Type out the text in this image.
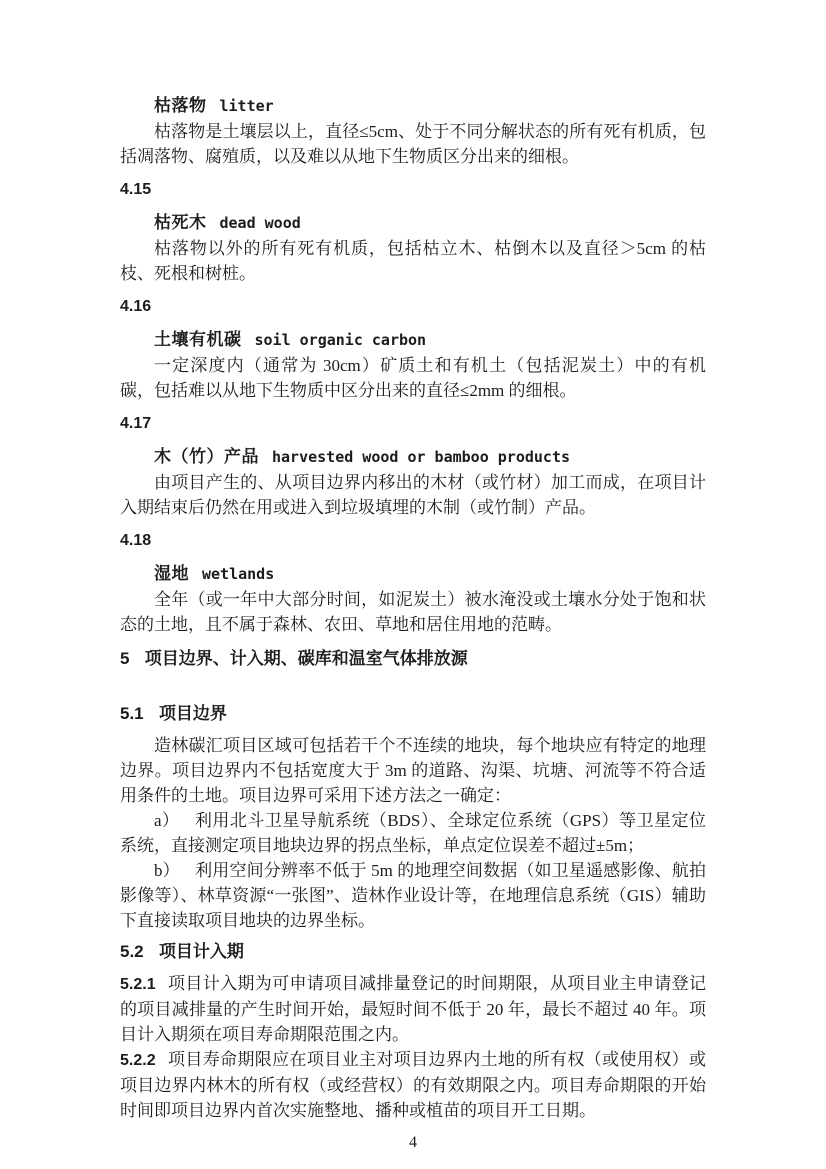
枯落物 litter

枯落物是土壤层以上，直径≤5cm、处于不同分解状态的所有死有机质，包括凋落物、腐殖质，以及难以从地下生物质区分出来的细根。

4.15

枯死木 dead wood

枯落物以外的所有死有机质，包括枯立木、枯倒木以及直径＞5cm 的枯枝、死根和树桩。

4.16

土壤有机碳 soil organic carbon

一定深度内（通常为 30cm）矿质土和有机土（包括泥炭土）中的有机碳，包括难以从地下生物质中区分出来的直径≤2mm 的细根。

4.17

木（竹）产品 harvested wood or bamboo products

由项目产生的、从项目边界内移出的木材（或竹材）加工而成，在项目计入期结束后仍然在用或进入到垃圾填埋的木制（或竹制）产品。

4.18

湿地 wetlands

全年（或一年中大部分时间，如泥炭土）被水淹没或土壤水分处于饱和状态的土地，且不属于森林、农田、草地和居住用地的范畴。

5 项目边界、计入期、碳库和温室气体排放源

5.1 项目边界

造林碳汇项目区域可包括若干个不连续的地块，每个地块应有特定的地理边界。项目边界内不包括宽度大于 3m 的道路、沟渠、坑塘、河流等不符合适用条件的土地。项目边界可采用下述方法之一确定：

a） 利用北斗卫星导航系统（BDS）、全球定位系统（GPS）等卫星定位系统，直接测定项目地块边界的拐点坐标，单点定位误差不超过±5m；

b） 利用空间分辨率不低于 5m 的地理空间数据（如卫星遥感影像、航拍影像等）、林草资源“一张图”、造林作业设计等，在地理信息系统（GIS）辅助下直接读取项目地块的边界坐标。

5.2 项目计入期

5.2.1 项目计入期为可申请项目减排量登记的时间期限，从项目业主申请登记的项目减排量的产生时间开始，最短时间不低于 20 年，最长不超过 40 年。项目计入期须在项目寿命期限范围之内。

5.2.2 项目寿命期限应在项目业主对项目边界内土地的所有权（或使用权）或项目边界内林木的所有权（或经营权）的有效期限之内。项目寿命期限的开始时间即项目边界内首次实施整地、播种或植苗的项目开工日期。

4
